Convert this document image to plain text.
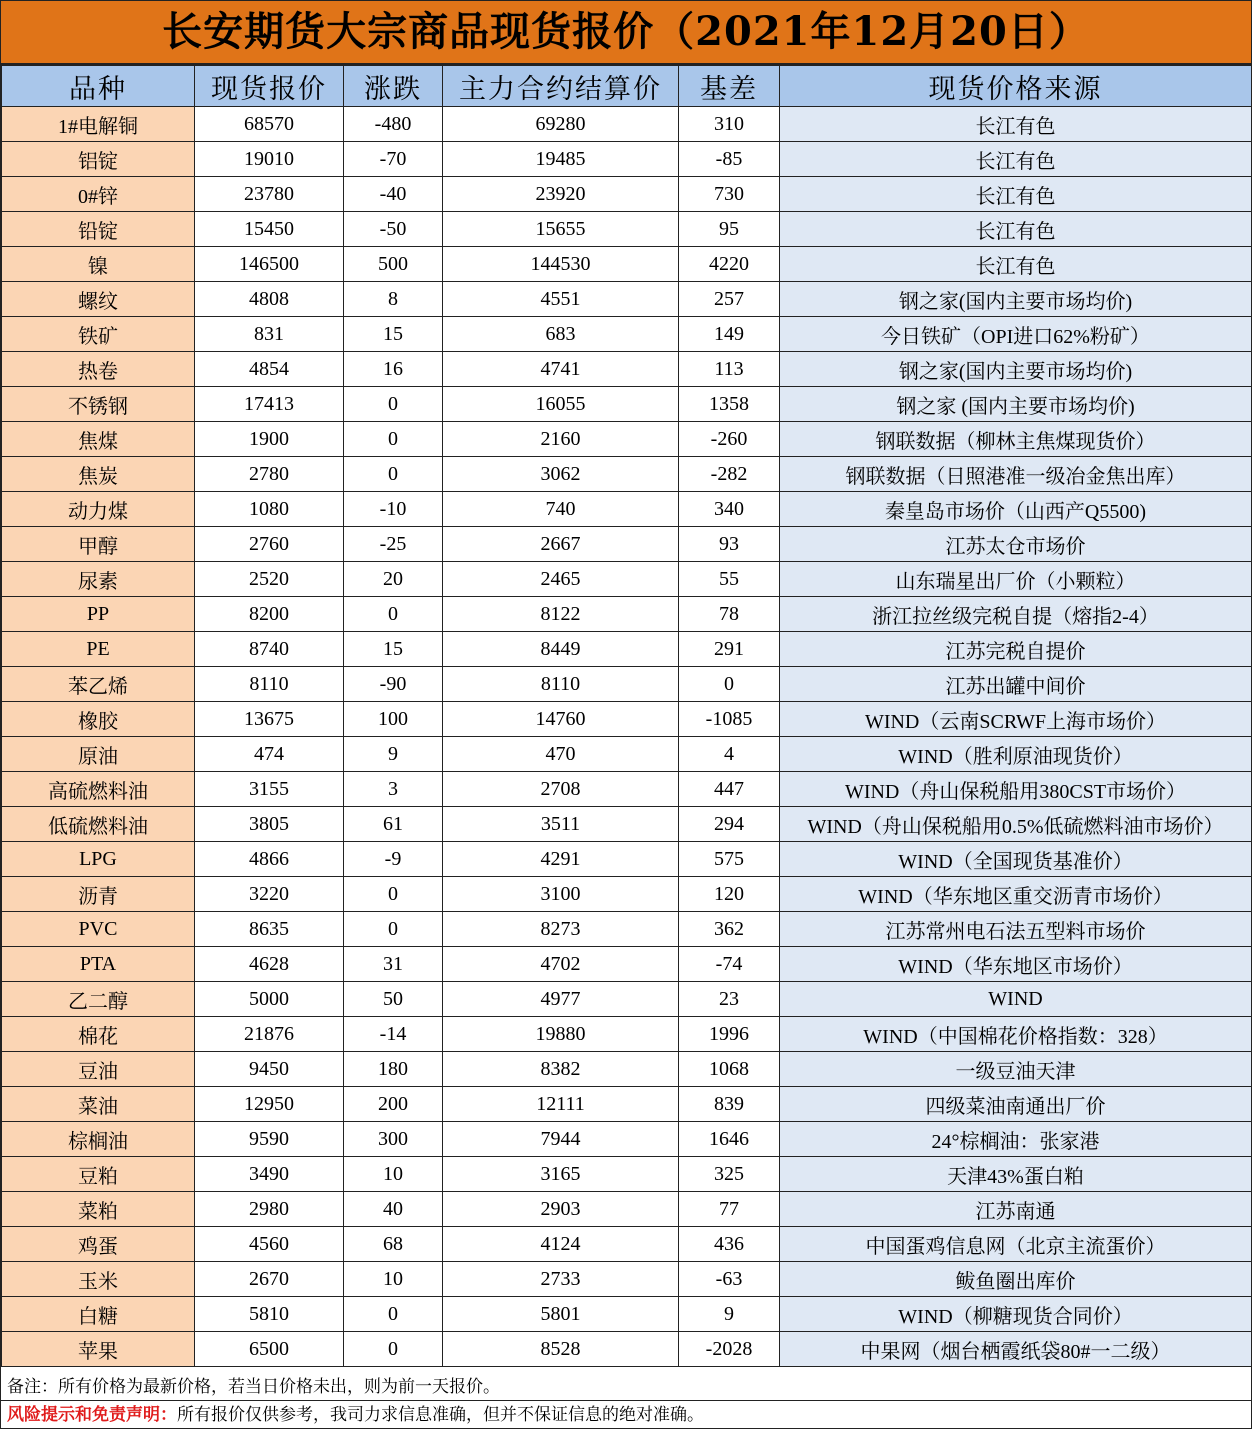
长安期货大宗商品现货报价（2021年12月20日）
品种	现货报价	涨跌	主力合约结算价	基差	现货价格来源
1#电解铜	68570	-480	69280	310	长江有色
铝锭	19010	-70	19485	-85	长江有色
0#锌	23780	-40	23920	730	长江有色
铅锭	15450	-50	15655	95	长江有色
镍	146500	500	144530	4220	长江有色
螺纹	4808	8	4551	257	钢之家(国内主要市场均价)
铁矿	831	15	683	149	今日铁矿（OPI进口62%粉矿）
热卷	4854	16	4741	113	钢之家(国内主要市场均价)
不锈钢	17413	0	16055	1358	钢之家 (国内主要市场均价)
焦煤	1900	0	2160	-260	钢联数据（柳林主焦煤现货价）
焦炭	2780	0	3062	-282	钢联数据（日照港准一级冶金焦出库）
动力煤	1080	-10	740	340	秦皇岛市场价（山西产Q5500)
甲醇	2760	-25	2667	93	江苏太仓市场价
尿素	2520	20	2465	55	山东瑞星出厂价（小颗粒）
PP	8200	0	8122	78	浙江拉丝级完税自提（熔指2-4）
PE	8740	15	8449	291	江苏完税自提价
苯乙烯	8110	-90	8110	0	江苏出罐中间价
橡胶	13675	100	14760	-1085	WIND（云南SCRWF上海市场价）
原油	474	9	470	4	WIND（胜利原油现货价）
高硫燃料油	3155	3	2708	447	WIND（舟山保税船用380CST市场价）
低硫燃料油	3805	61	3511	294	WIND（舟山保税船用0.5%低硫燃料油市场价）
LPG	4866	-9	4291	575	WIND（全国现货基准价）
沥青	3220	0	3100	120	WIND（华东地区重交沥青市场价）
PVC	8635	0	8273	362	江苏常州电石法五型料市场价
PTA	4628	31	4702	-74	WIND（华东地区市场价）
乙二醇	5000	50	4977	23	WIND
棉花	21876	-14	19880	1996	WIND（中国棉花价格指数：328）
豆油	9450	180	8382	1068	一级豆油天津
菜油	12950	200	12111	839	四级菜油南通出厂价
棕榈油	9590	300	7944	1646	24°棕榈油：张家港
豆粕	3490	10	3165	325	天津43%蛋白粕
菜粕	2980	40	2903	77	江苏南通
鸡蛋	4560	68	4124	436	中国蛋鸡信息网（北京主流蛋价）
玉米	2670	10	2733	-63	鲅鱼圈出库价
白糖	5810	0	5801	9	WIND（柳糖现货合同价）
苹果	6500	0	8528	-2028	中果网（烟台栖霞纸袋80#一二级）
备注：所有价格为最新价格，若当日价格未出，则为前一天报价。
风险提示和免责声明：所有报价仅供参考，我司力求信息准确，但并不保证信息的绝对准确。
